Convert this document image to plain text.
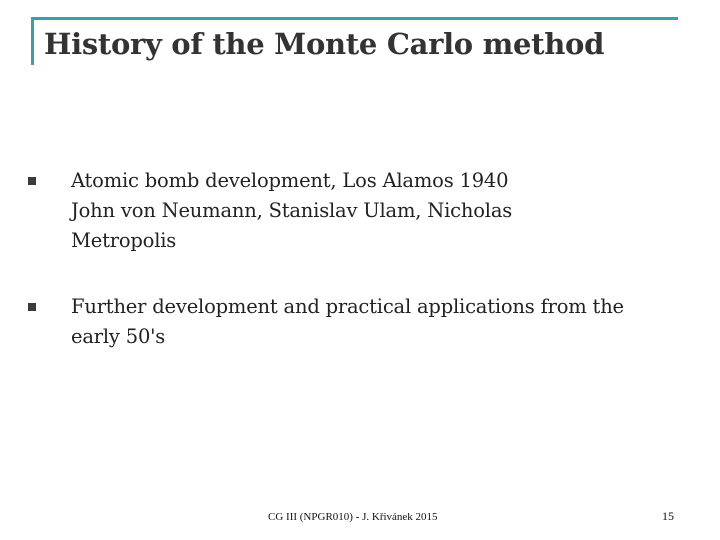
History of the Monte Carlo method
Atomic bomb development, Los Alamos 1940
John von Neumann, Stanislav Ulam, Nicholas
Metropolis
Further development and practical applications from the
early 50's
CG III (NPGR010) - J. Křivánek 2015	15
